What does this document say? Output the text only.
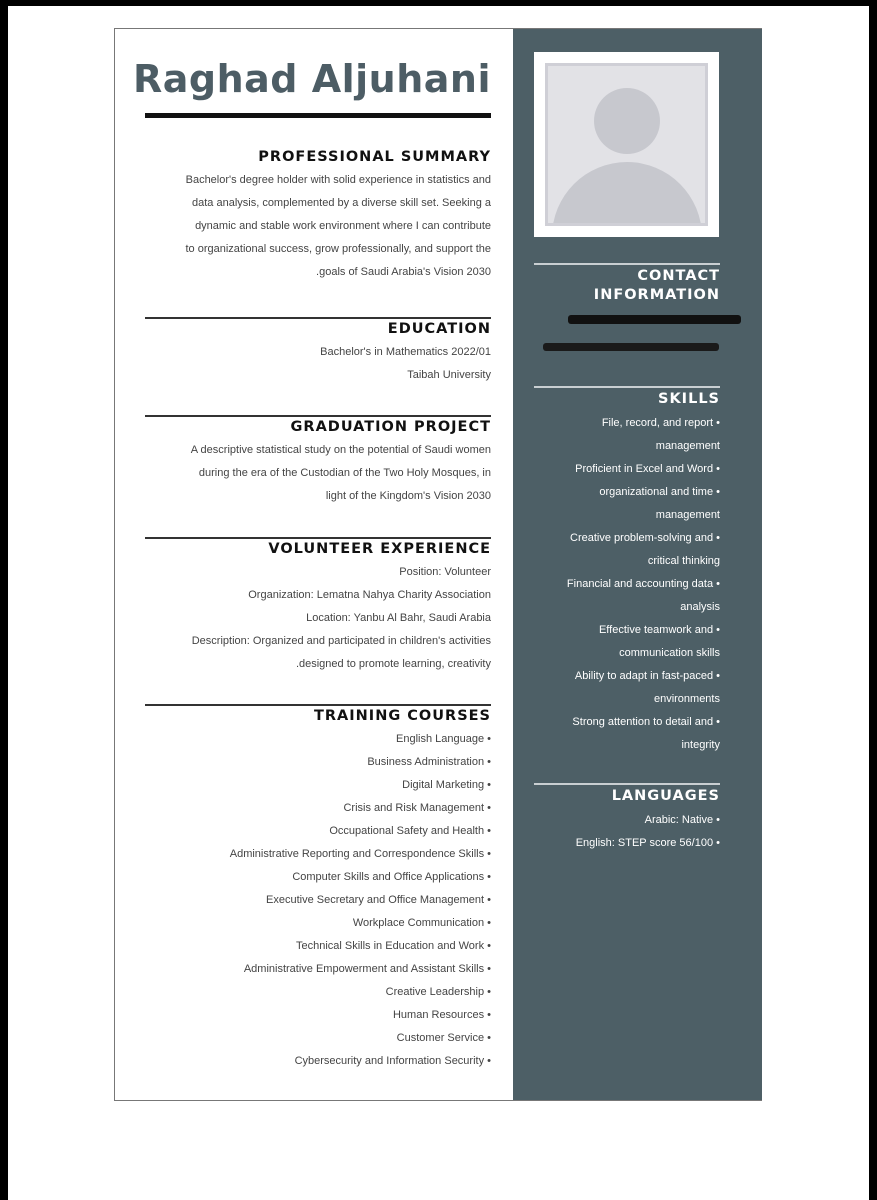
Raghad Aljuhani
PROFESSIONAL SUMMARY
Bachelor's degree holder with solid experience in statistics and
data analysis, complemented by a diverse skill set. Seeking a
dynamic and stable work environment where I can contribute
to organizational success, grow professionally, and support the
.goals of Saudi Arabia's Vision 2030
EDUCATION
Bachelor's in Mathematics 2022/01
Taibah University
GRADUATION PROJECT
A descriptive statistical study on the potential of Saudi women
during the era of the Custodian of the Two Holy Mosques, in
light of the Kingdom's Vision 2030
VOLUNTEER EXPERIENCE
Position: Volunteer
Organization: Lematna Nahya Charity Association
Location: Yanbu Al Bahr, Saudi Arabia
Description: Organized and participated in children's activities
.designed to promote learning, creativity
TRAINING COURSES
English Language •
Business Administration •
Digital Marketing •
Crisis and Risk Management •
Occupational Safety and Health •
Administrative Reporting and Correspondence Skills •
Computer Skills and Office Applications •
Executive Secretary and Office Management •
Workplace Communication •
Technical Skills in Education and Work •
Administrative Empowerment and Assistant Skills •
Creative Leadership •
Human Resources •
Customer Service •
Cybersecurity and Information Security •
CONTACT
INFORMATION
SKILLS
File, record, and report •
management
Proficient in Excel and Word •
organizational and time •
management
Creative problem-solving and •
critical thinking
Financial and accounting data •
analysis
Effective teamwork and •
communication skills
Ability to adapt in fast-paced •
environments
Strong attention to detail and •
integrity
LANGUAGES
Arabic: Native •
English: STEP score 56/100 •
